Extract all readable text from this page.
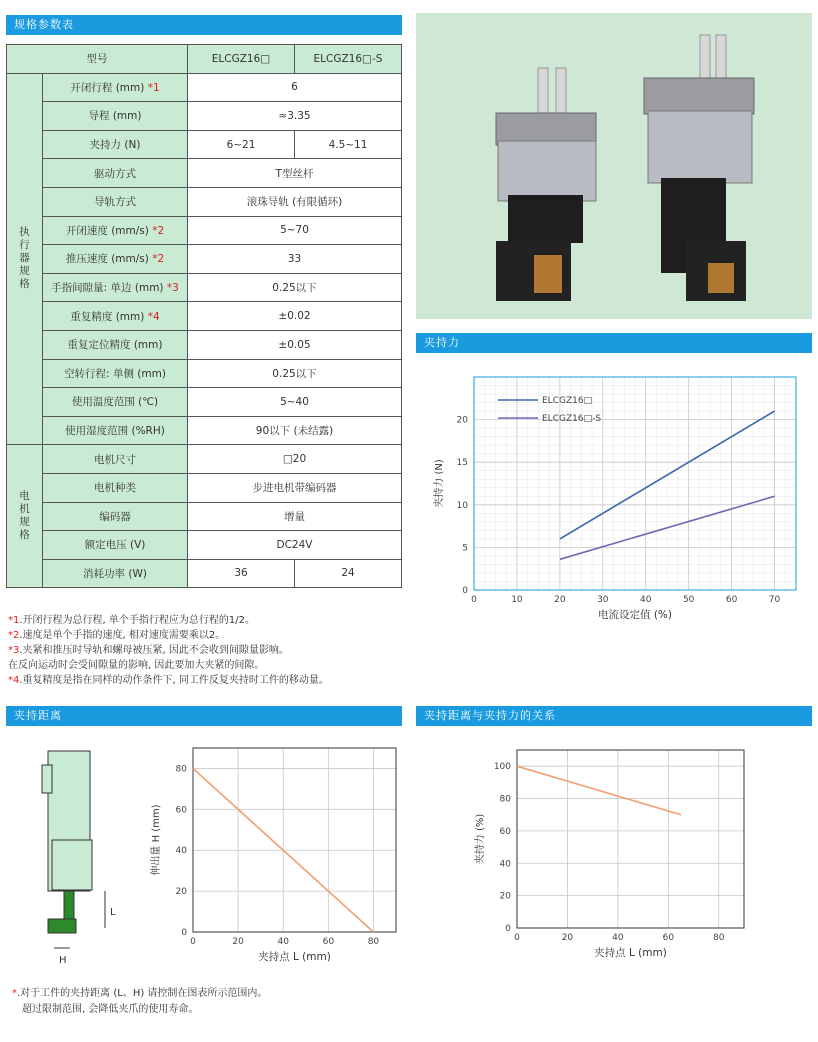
规格参数表
夹持力
夹持距离	夹持距离与夹持力的关系
型号		ELCGZ16□	ELCGZ16□-S
执行器规格	开闭行程 (mm) *1	6	
	导程 (mm)	≈3.35	
	夹持力 (N)	6~21	4.5~11
	驱动方式	T型丝杆	
	导轨方式	滚珠导轨 (有限循环)	
	开闭速度 (mm/s) *2	5~70	
	推压速度 (mm/s) *2	33	
	手指间隙量: 单边 (mm) *3	0.25以下	
	重复精度 (mm) *4	±0.02	
	重复定位精度 (mm)	±0.05	
	空转行程: 单侧 (mm)	0.25以下	
	使用温度范围 (℃)	5~40	
	使用湿度范围 (%RH)	90以下 (未结露)	
电机规格	电机尺寸	□20	
	电机种类	步进电机带编码器	
	编码器	增量	
	额定电压 (V)	DC24V	
	消耗功率 (W)	36	24
*1.开闭行程为总行程, 单个手指行程应为总行程的1/2。
*2.速度是单个手指的速度, 相对速度需要乘以2。
*3.夹紧和推压时导轨和螺母被压紧, 因此不会收到间隙量影响。
在反向运动时会受间隙量的影响, 因此要加大夹紧的间隙。
*4.重复精度是指在同样的动作条件下, 同工件反复夹持时工件的移动量。
0	10	20	30	40	50	60	70
0
5
10
15
20
电流设定值 (%)
夹持力 (N)
ELCGZ16□
ELCGZ16□-S
L
H
0	20	40	60	80
0
20
40
60
80
夹持点 L (mm)
伸出量 H (mm)
0	20	40	60	80
0
20
40
60
80
100
夹持点 L (mm)
夹持力 (%)
*.对于工件的夹持距离 (L、H) 请控制在图表所示范围内。
超过限制范围, 会降低夹爪的使用寿命。
